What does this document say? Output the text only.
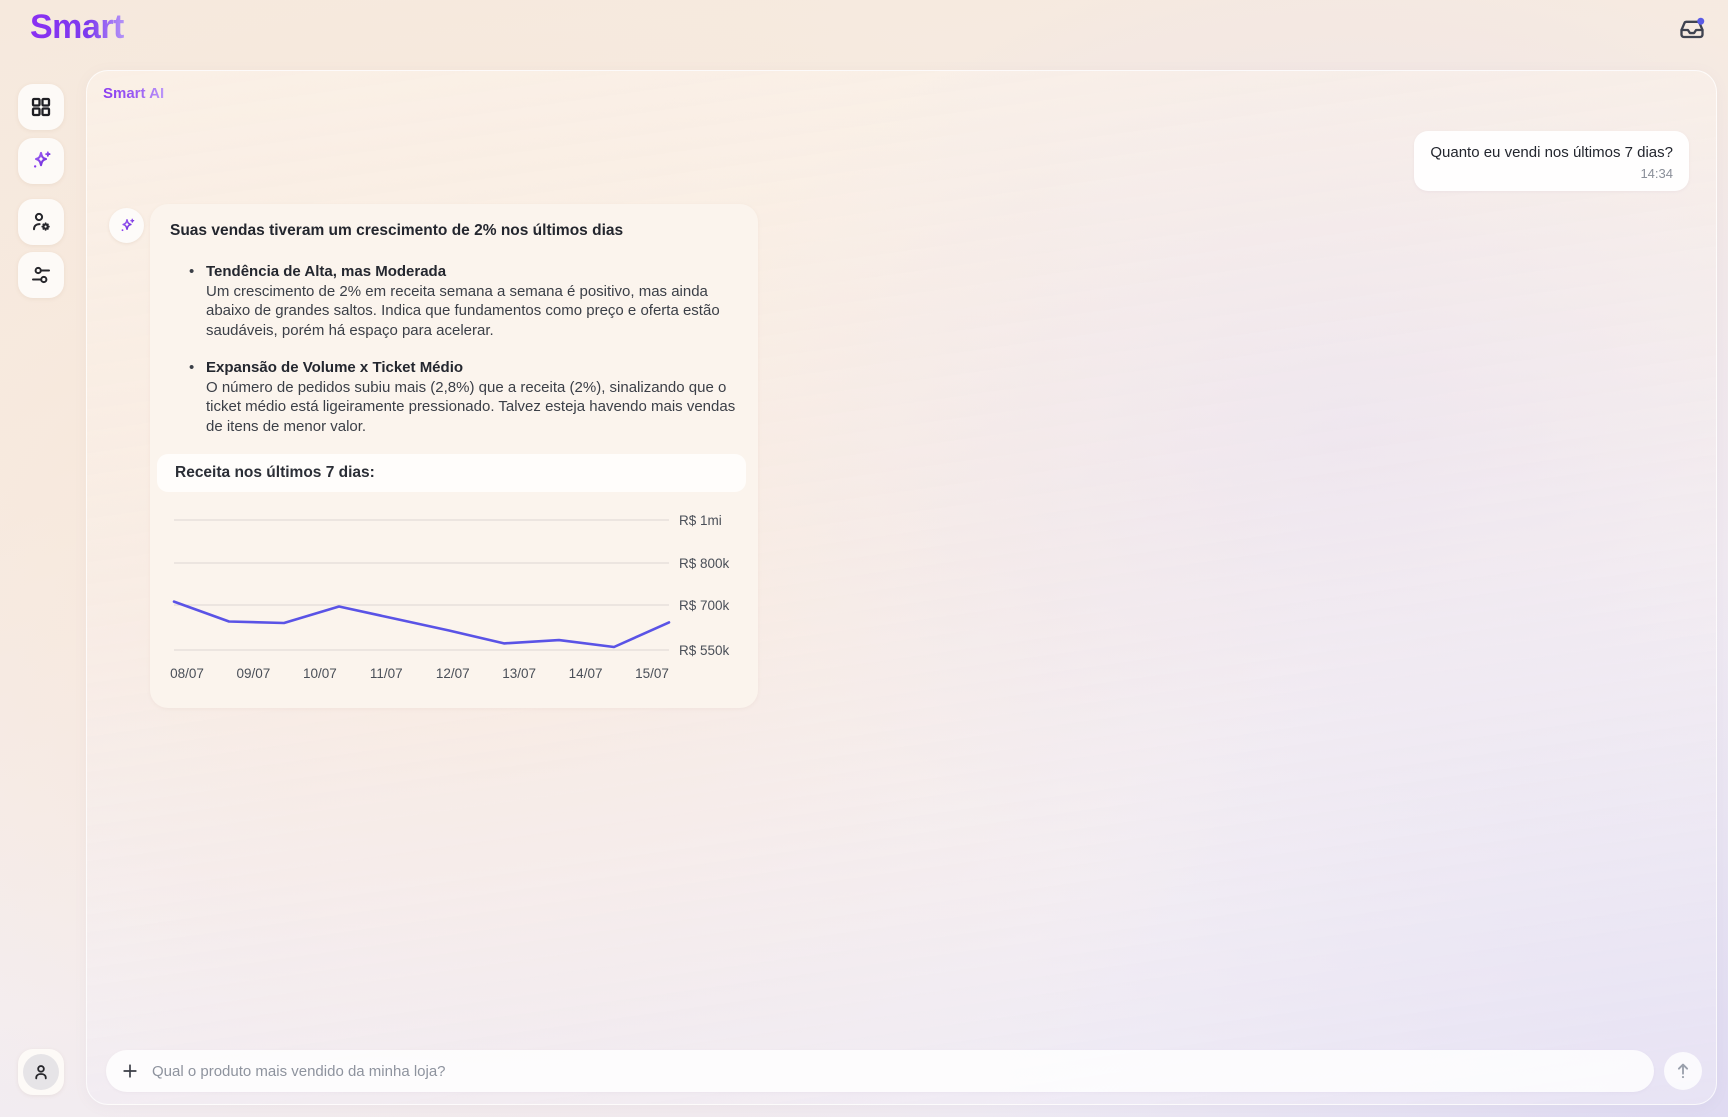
Smart
Smart AI
Quanto eu vendi nos últimos 7 dias?
14:34
Suas vendas tiveram um crescimento de 2% nos últimos dias
• Tendência de Alta, mas Moderada
Um crescimento de 2% em receita semana a semana é positivo, mas ainda abaixo de grandes saltos. Indica que fundamentos como preço e oferta estão saudáveis, porém há espaço para acelerar.
• Expansão de Volume x Ticket Médio
O número de pedidos subiu mais (2,8%) que a receita (2%), sinalizando que o ticket médio está ligeiramente pressionado. Talvez esteja havendo mais vendas de itens de menor valor.
Receita nos últimos 7 dias:
R$ 1mi
R$ 800k
R$ 700k
R$ 550k
08/07 09/07 10/07 11/07 12/07 13/07 14/07 15/07
Qual o produto mais vendido da minha loja?
